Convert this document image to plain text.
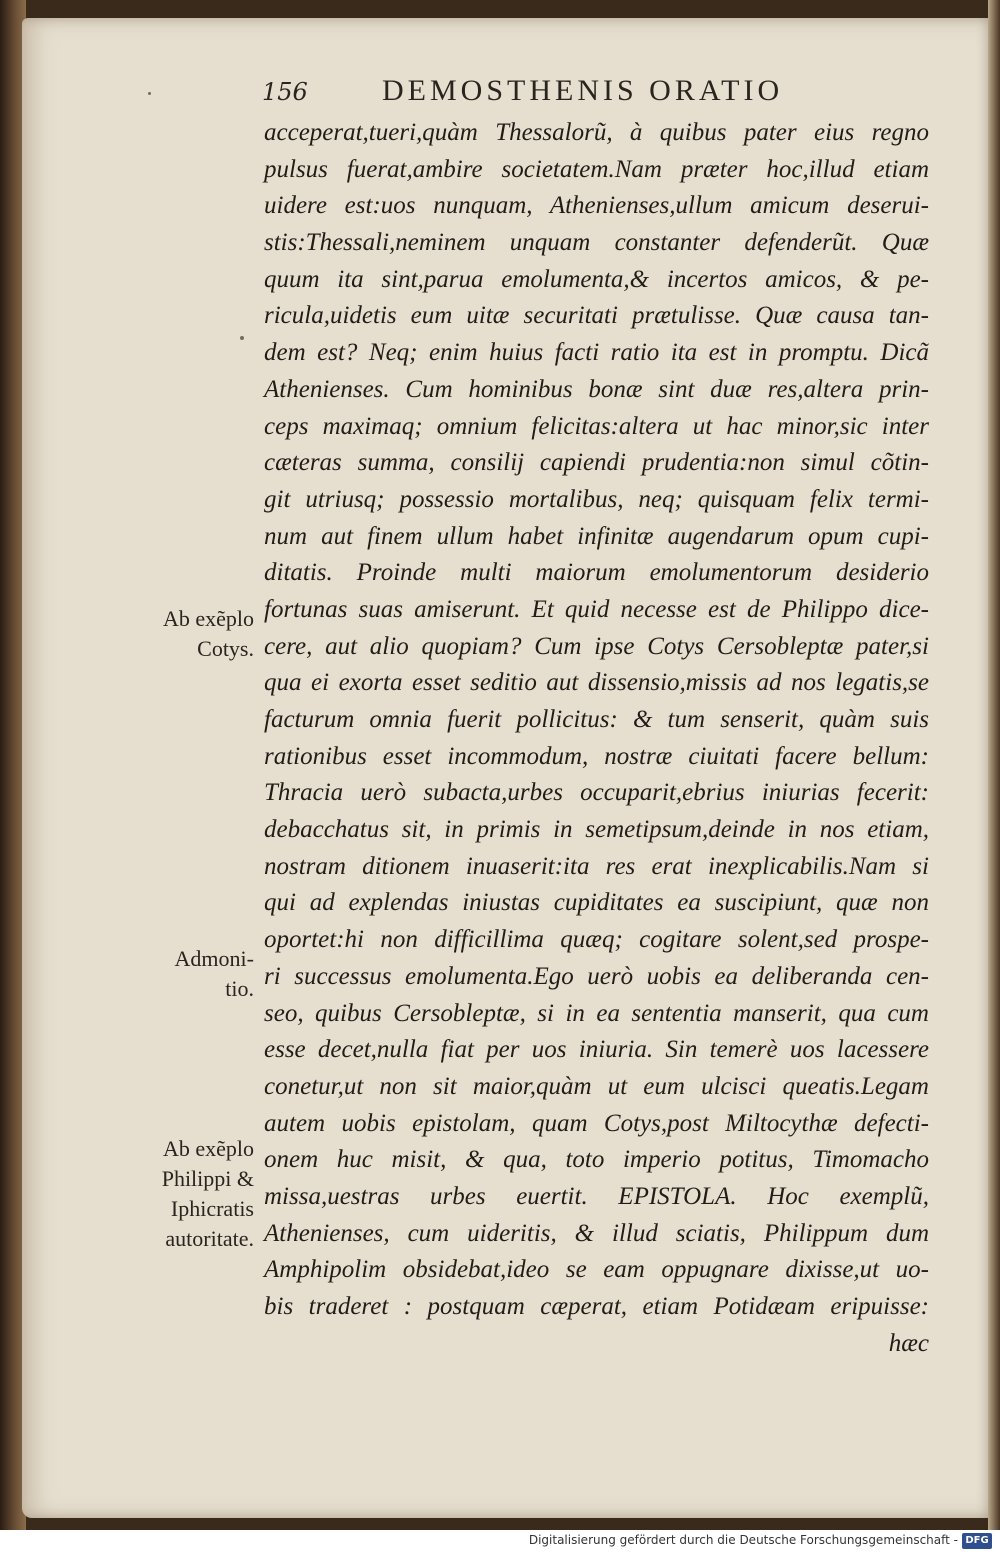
156 DEMOSTHENIS ORATIO
acceperat,tueri,quàm Thessalorũ, à quibus pater eius regno
pulsus fuerat,ambire societatem.Nam præter hoc,illud etiam
uidere est:uos nunquam, Athenienses,ullum amicum deserui-
stis:Thessali,neminem unquam constanter defenderũt. Quæ
quum ita sint,parua emolumenta,& incertos amicos, & pe-
ricula,uidetis eum uitæ securitati prætulisse. Quæ causa tan-
dem est? Neq; enim huius facti ratio ita est in promptu. Dicã
Athenienses. Cum hominibus bonæ sint duæ res,altera prin-
ceps maximaq; omnium felicitas:altera ut hac minor,sic inter
cæteras summa, consilij capiendi prudentia:non simul cõtin-
git utriusq; possessio mortalibus, neq; quisquam felix termi-
num aut finem ullum habet infinitæ augendarum opum cupi-
ditatis. Proinde multi maiorum emolumentorum desiderio
fortunas suas amiserunt. Et quid necesse est de Philippo dice-
cere, aut alio quopiam? Cum ipse Cotys Cersobleptæ pater,si
qua ei exorta esset seditio aut dissensio,missis ad nos legatis,se
facturum omnia fuerit pollicitus: & tum senserit, quàm suis
rationibus esset incommodum, nostræ ciuitati facere bellum:
Thracia uerò subacta,urbes occuparit,ebrius iniurias fecerit:
debacchatus sit, in primis in semetipsum,deinde in nos etiam,
nostram ditionem inuaserit:ita res erat inexplicabilis.Nam si
qui ad explendas iniustas cupiditates ea suscipiunt, quæ non
oportet:hi non difficillima quæq; cogitare solent,sed prospe-
ri successus emolumenta.Ego uerò uobis ea deliberanda cen-
seo, quibus Cersobleptæ, si in ea sententia manserit, qua cum
esse decet,nulla fiat per uos iniuria. Sin temerè uos lacessere
conetur,ut non sit maior,quàm ut eum ulcisci queatis.Legam
autem uobis epistolam, quam Cotys,post Miltocythæ defecti-
onem huc misit, & qua, toto imperio potitus, Timomacho
missa,uestras urbes euertit. EPISTOLA. Hoc exemplũ,
Athenienses, cum uideritis, & illud sciatis, Philippum dum
Amphipolim obsidebat,ideo se eam oppugnare dixisse,ut uo-
bis traderet : postquam cæperat, etiam Potidæam eripuisse:
hæc
Ab exẽplo
Cotys.
Admoni-
tio.
Ab exẽplo
Philippi &
Iphicratis
autoritate.
Digitalisierung gefördert durch die Deutsche Forschungsgemeinschaft - DFG
